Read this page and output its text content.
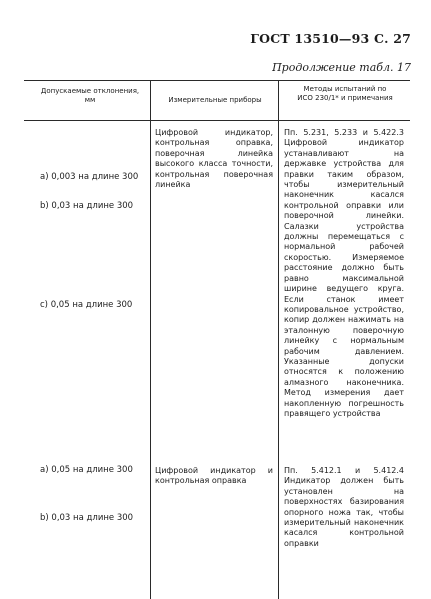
ГОСТ 13510—93 С. 27
Продолжение табл. 17
Допускаемые отклонения, мм	Измерительные приборы
Методы испытаний по ИСО 230/1* и примечания
a) 0,003 на длине 300
b) 0,03 на длине 300
c) 0,05 на длине 300
Цифровой индикатор, контрольная оправка, поверочная линейка высокого класса точности, контрольная поверочная линейка
Пп. 5.231, 5.233 и 5.422.3 Цифровой индикатор устанавливают на державке устройства для правки таким образом, чтобы измерительный наконечник касался контрольной оправки или поверочной линейки. Салазки устройства должны перемещаться с нормальной рабочей скоростью. Измеряемое расстояние должно быть равно максимальной ширине ведущего круга. Если станок имеет копировальное устройство, копир должен нажимать на эталонную поверочную линейку с нормальным рабочим давлением. Указанные допуски относятся к положению алмазного наконечника. Метод измерения дает накопленную погрешность правящего устройства
a) 0,05 на длине 300
b) 0,03 на длине 300
Цифровой индикатор и контрольная оправка
Пп. 5.412.1 и 5.412.4 Индикатор должен быть установлен на поверхностях базирования опорного ножа так, чтобы измерительный наконечник касался контрольной оправки
